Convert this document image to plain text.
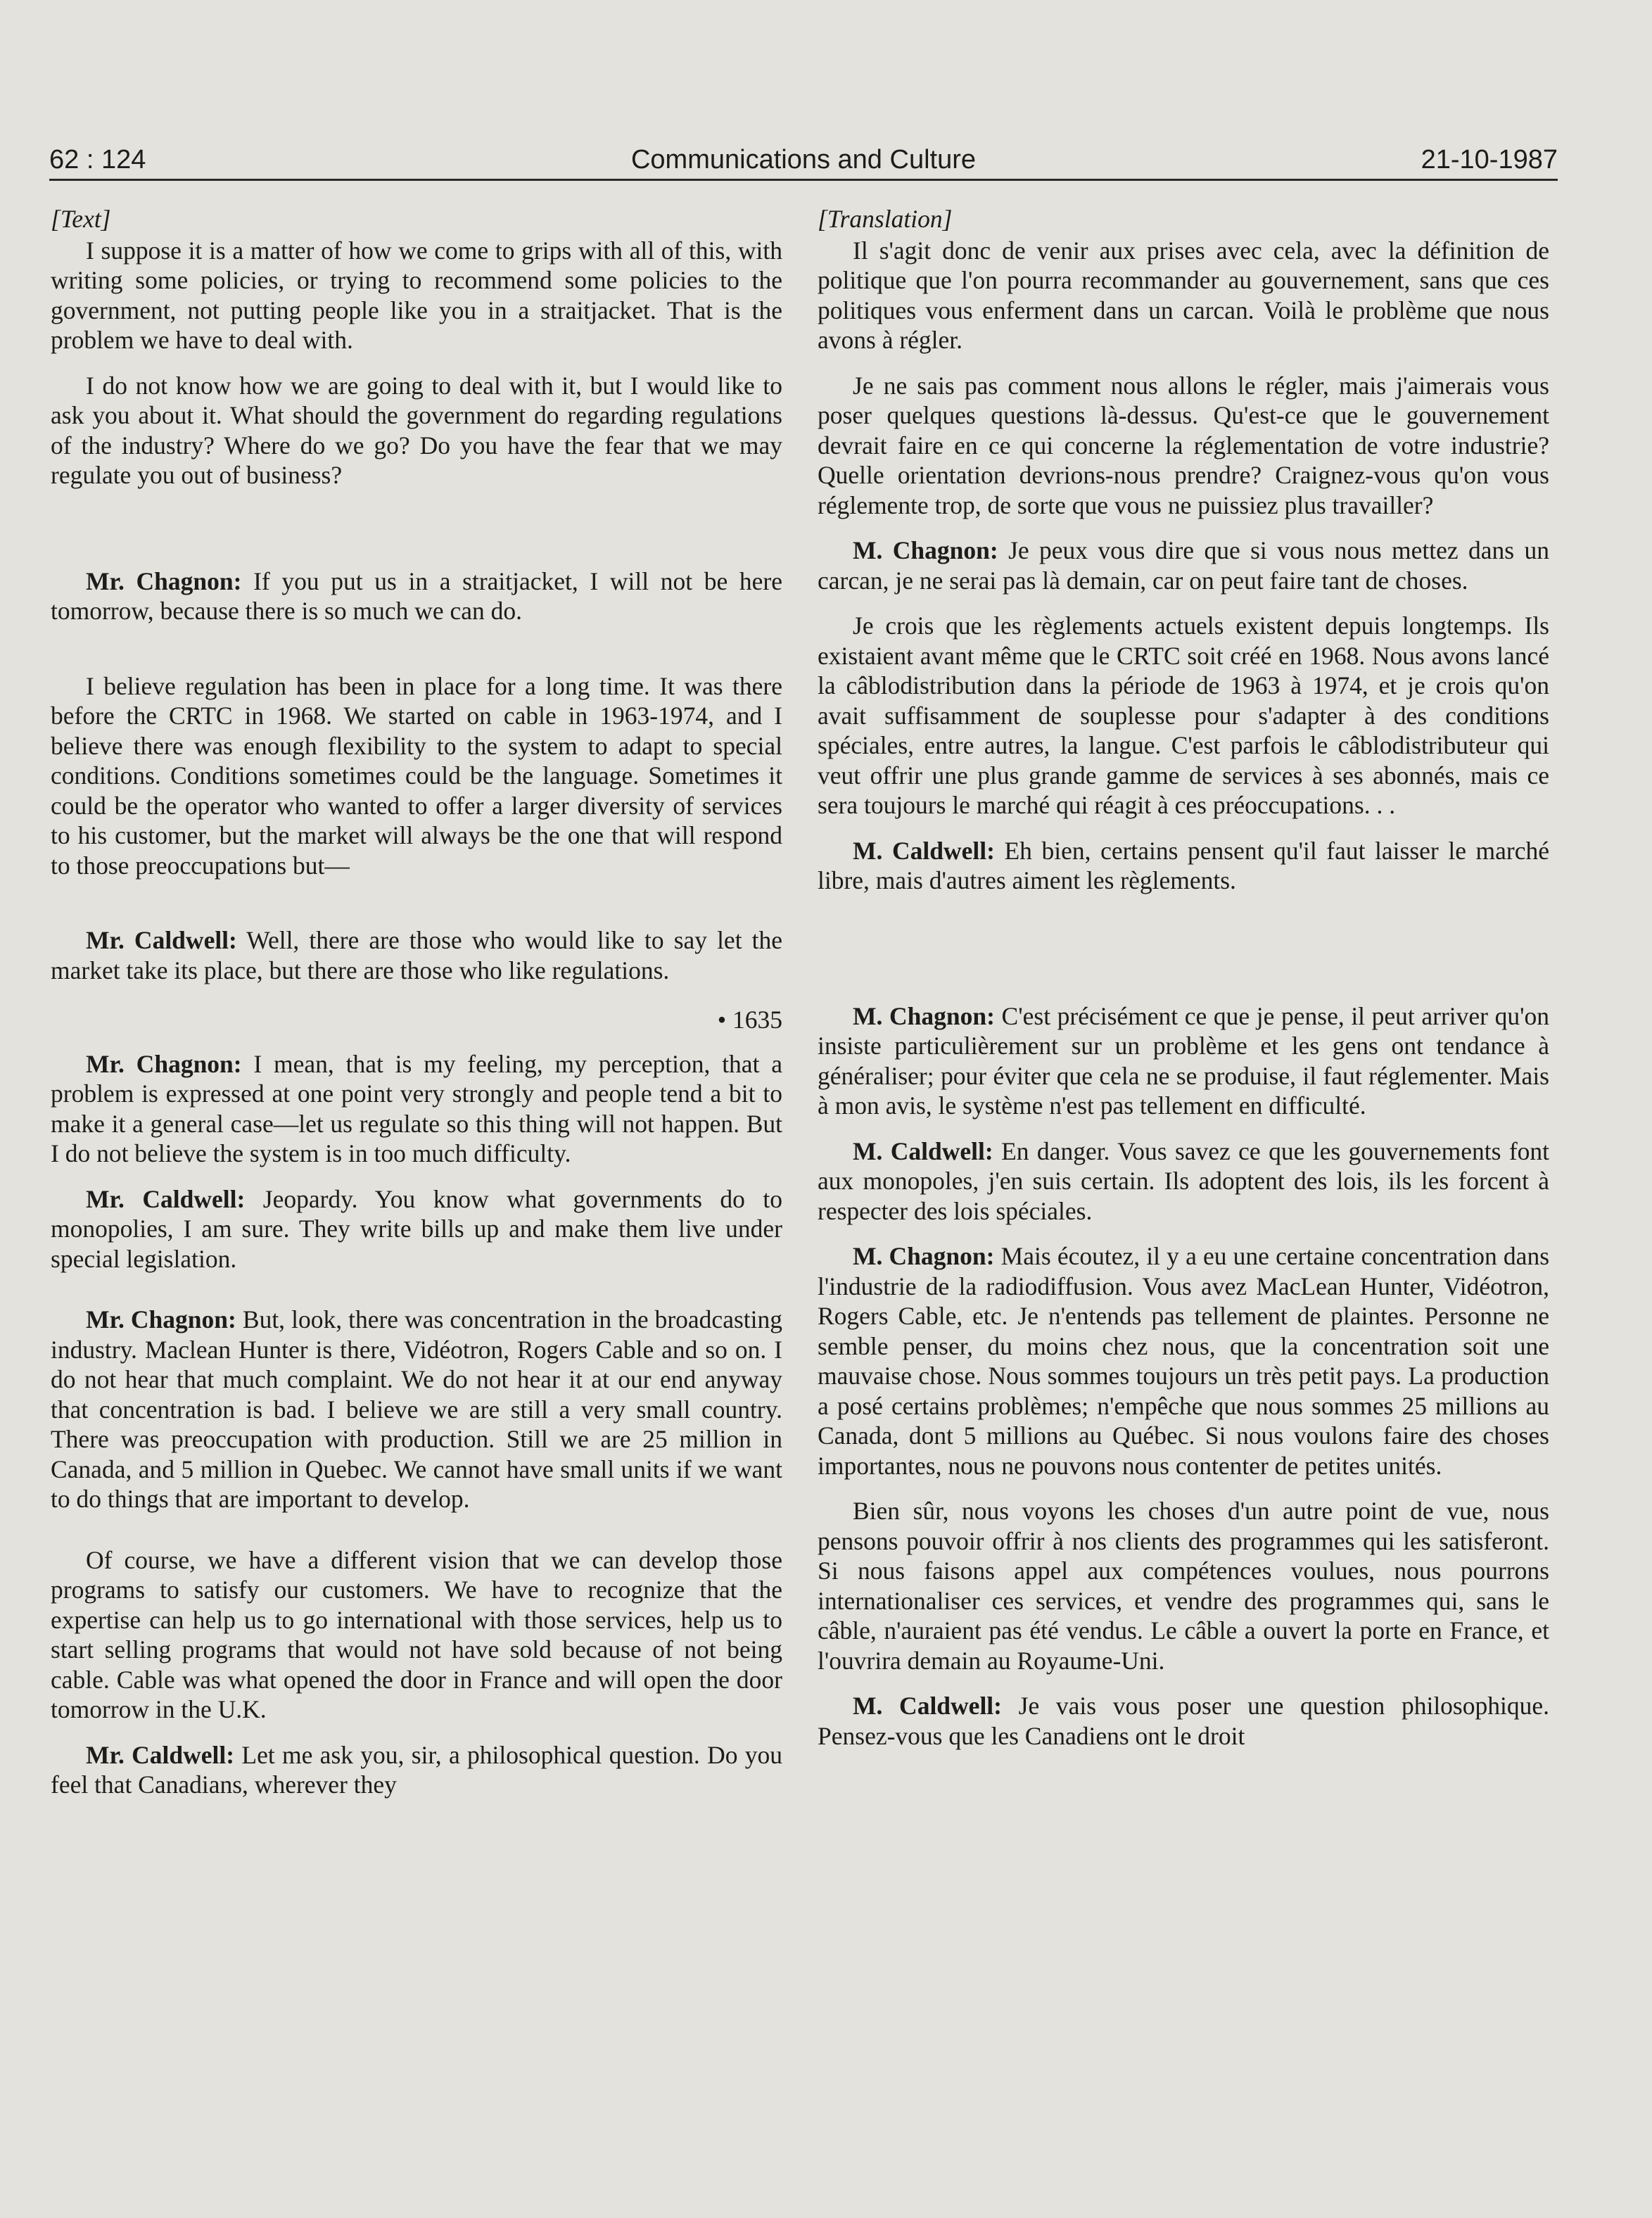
62 : 124	Communications and Culture	21-10-1987

[Text]

I suppose it is a matter of how we come to grips with all of this, with writing some policies, or trying to recommend some policies to the government, not putting people like you in a straitjacket. That is the problem we have to deal with.

I do not know how we are going to deal with it, but I would like to ask you about it. What should the government do regarding regulations of the industry? Where do we go? Do you have the fear that we may regulate you out of business?

Mr. Chagnon: If you put us in a straitjacket, I will not be here tomorrow, because there is so much we can do.

I believe regulation has been in place for a long time. It was there before the CRTC in 1968. We started on cable in 1963-1974, and I believe there was enough flexibility to the system to adapt to special conditions. Conditions sometimes could be the language. Sometimes it could be the operator who wanted to offer a larger diversity of services to his customer, but the market will always be the one that will respond to those preoccupations but—

Mr. Caldwell: Well, there are those who would like to say let the market take its place, but there are those who like regulations.

• 1635

Mr. Chagnon: I mean, that is my feeling, my perception, that a problem is expressed at one point very strongly and people tend a bit to make it a general case—let us regulate so this thing will not happen. But I do not believe the system is in too much difficulty.

Mr. Caldwell: Jeopardy. You know what governments do to monopolies, I am sure. They write bills up and make them live under special legislation.

Mr. Chagnon: But, look, there was concentration in the broadcasting industry. Maclean Hunter is there, Vidéotron, Rogers Cable and so on. I do not hear that much complaint. We do not hear it at our end anyway that concentration is bad. I believe we are still a very small country. There was preoccupation with production. Still we are 25 million in Canada, and 5 million in Quebec. We cannot have small units if we want to do things that are important to develop.

Of course, we have a different vision that we can develop those programs to satisfy our customers. We have to recognize that the expertise can help us to go international with those services, help us to start selling programs that would not have sold because of not being cable. Cable was what opened the door in France and will open the door tomorrow in the U.K.

Mr. Caldwell: Let me ask you, sir, a philosophical question. Do you feel that Canadians, wherever they

[Translation]

Il s'agit donc de venir aux prises avec cela, avec la définition de politique que l'on pourra recommander au gouvernement, sans que ces politiques vous enferment dans un carcan. Voilà le problème que nous avons à régler.

Je ne sais pas comment nous allons le régler, mais j'aimerais vous poser quelques questions là-dessus. Qu'est-ce que le gouvernement devrait faire en ce qui concerne la réglementation de votre industrie? Quelle orientation devrions-nous prendre? Craignez-vous qu'on vous réglemente trop, de sorte que vous ne puissiez plus travailler?

M. Chagnon: Je peux vous dire que si vous nous mettez dans un carcan, je ne serai pas là demain, car on peut faire tant de choses.

Je crois que les règlements actuels existent depuis longtemps. Ils existaient avant même que le CRTC soit créé en 1968. Nous avons lancé la câblodistribution dans la période de 1963 à 1974, et je crois qu'on avait suffisamment de souplesse pour s'adapter à des conditions spéciales, entre autres, la langue. C'est parfois le câblodistributeur qui veut offrir une plus grande gamme de services à ses abonnés, mais ce sera toujours le marché qui réagit à ces préoccupations. . .

M. Caldwell: Eh bien, certains pensent qu'il faut laisser le marché libre, mais d'autres aiment les règlements.

M. Chagnon: C'est précisément ce que je pense, il peut arriver qu'on insiste particulièrement sur un problème et les gens ont tendance à généraliser; pour éviter que cela ne se produise, il faut réglementer. Mais à mon avis, le système n'est pas tellement en difficulté.

M. Caldwell: En danger. Vous savez ce que les gouvernements font aux monopoles, j'en suis certain. Ils adoptent des lois, ils les forcent à respecter des lois spéciales.

M. Chagnon: Mais écoutez, il y a eu une certaine concentration dans l'industrie de la radiodiffusion. Vous avez MacLean Hunter, Vidéotron, Rogers Cable, etc. Je n'entends pas tellement de plaintes. Personne ne semble penser, du moins chez nous, que la concentration soit une mauvaise chose. Nous sommes toujours un très petit pays. La production a posé certains problèmes; n'empêche que nous sommes 25 millions au Canada, dont 5 millions au Québec. Si nous voulons faire des choses importantes, nous ne pouvons nous contenter de petites unités.

Bien sûr, nous voyons les choses d'un autre point de vue, nous pensons pouvoir offrir à nos clients des programmes qui les satisferont. Si nous faisons appel aux compétences voulues, nous pourrons internationaliser ces services, et vendre des programmes qui, sans le câble, n'auraient pas été vendus. Le câble a ouvert la porte en France, et l'ouvrira demain au Royaume-Uni.

M. Caldwell: Je vais vous poser une question philosophique. Pensez-vous que les Canadiens ont le droit
